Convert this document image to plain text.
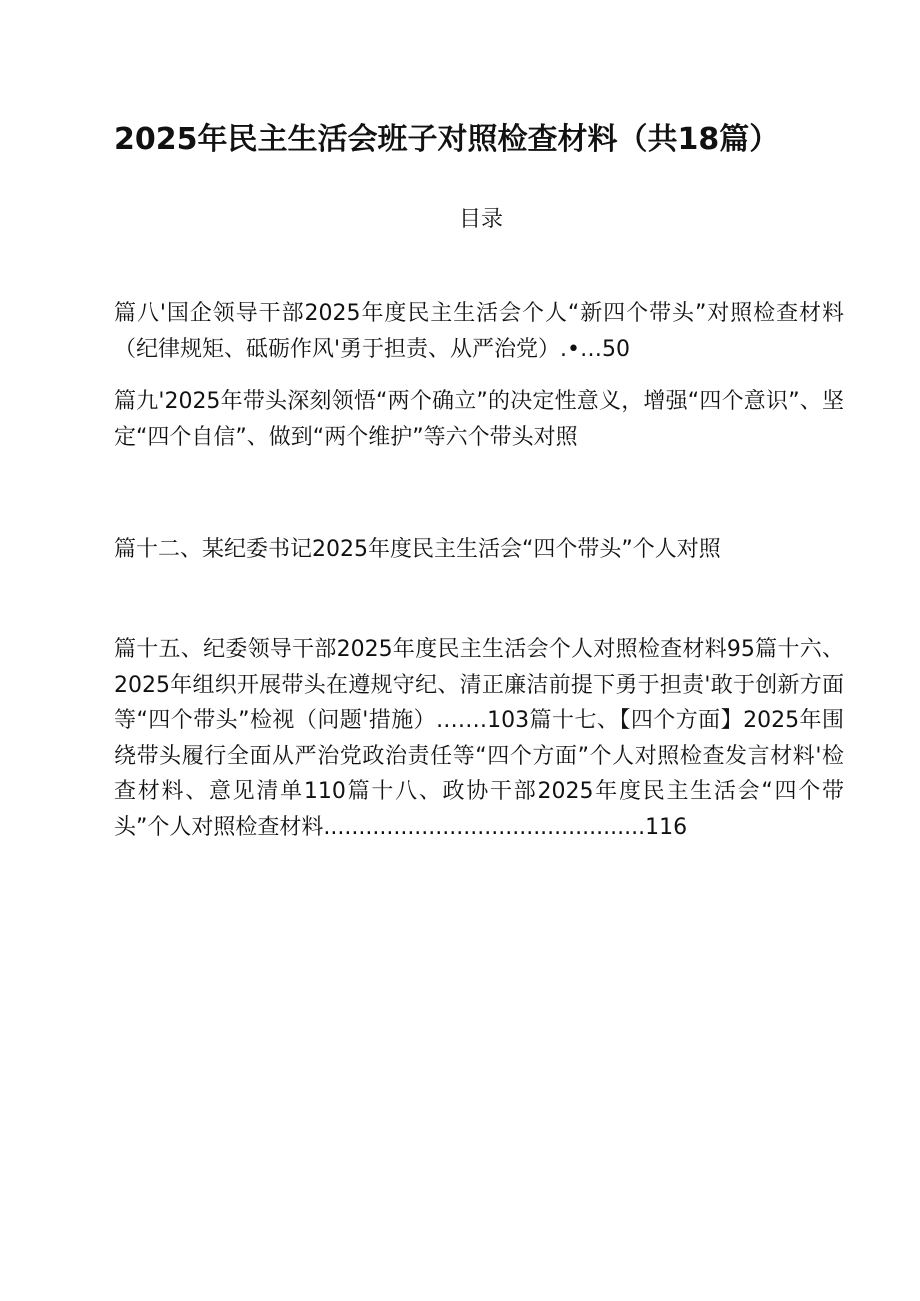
2025年民主生活会班子对照检查材料（共18篇）
目录
篇八'国企领导干部2025年度民主生活会个人“新四个带头”对照检查材料（纪律规矩、砥砺作风'勇于担责、从严治党）.•…50
篇九'2025年带头深刻领悟“两个确立”的决定性意义，增强“四个意识”、坚定“四个自信”、做到“两个维护”等六个带头对照
篇十二、某纪委书记2025年度民主生活会“四个带头”个人对照
篇十五、纪委领导干部2025年度民主生活会个人对照检查材料95篇十六、2025年组织开展带头在遵规守纪、清正廉洁前提下勇于担责'敢于创新方面等“四个带头”检视（问题'措施）.……103篇十七、【四个方面】2025年围绕带头履行全面从严治党政治责任等“四个方面”个人对照检查发言材料'检查材料、意见清单110篇十八、政协干部2025年度民主生活会“四个带头”个人对照检查材料..............................................116
